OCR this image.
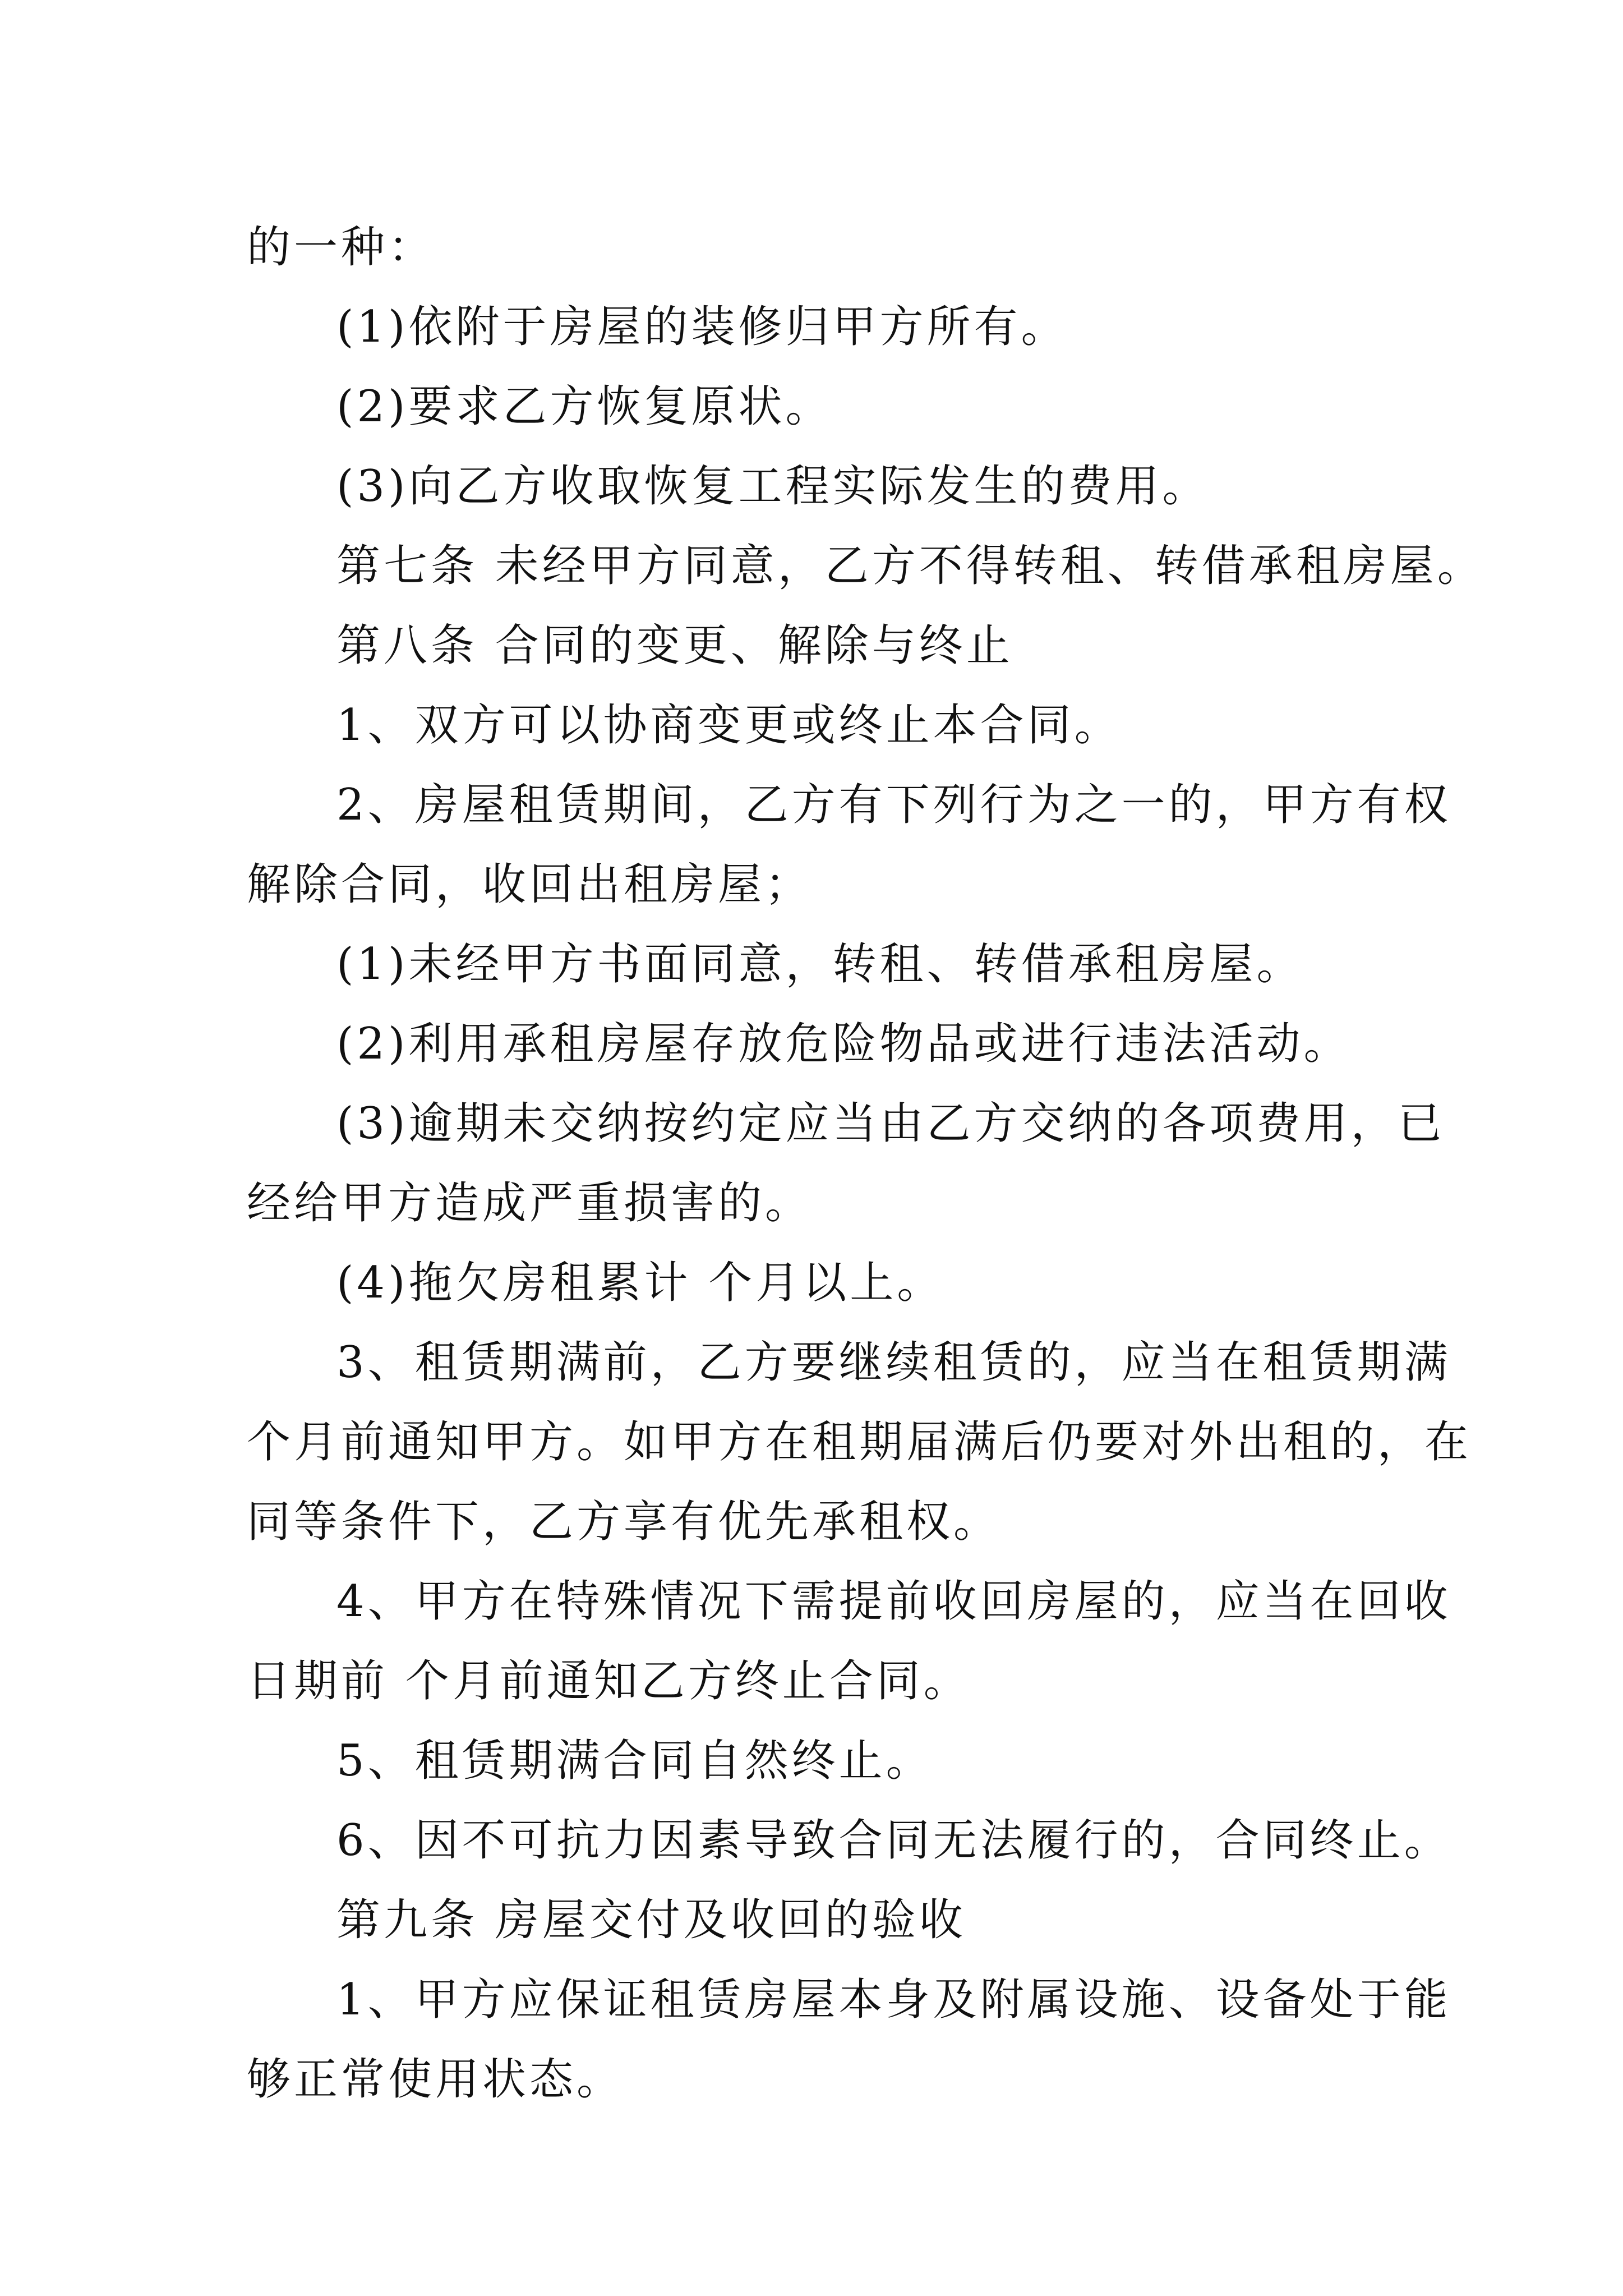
的一种：
(1)依附于房屋的装修归甲方所有。
(2)要求乙方恢复原状。
(3)向乙方收取恢复工程实际发生的费用。
第七条 未经甲方同意，乙方不得转租、转借承租房屋。
第八条 合同的变更、解除与终止
1、双方可以协商变更或终止本合同。
2、房屋租赁期间，乙方有下列行为之一的，甲方有权
解除合同，收回出租房屋；
(1)未经甲方书面同意，转租、转借承租房屋。
(2)利用承租房屋存放危险物品或进行违法活动。
(3)逾期未交纳按约定应当由乙方交纳的各项费用，已
经给甲方造成严重损害的。
(4)拖欠房租累计 个月以上。
3、租赁期满前，乙方要继续租赁的，应当在租赁期满
个月前通知甲方。如甲方在租期届满后仍要对外出租的，在
同等条件下，乙方享有优先承租权。
4、甲方在特殊情况下需提前收回房屋的，应当在回收
日期前 个月前通知乙方终止合同。
5、租赁期满合同自然终止。
6、因不可抗力因素导致合同无法履行的，合同终止。
第九条 房屋交付及收回的验收
1、甲方应保证租赁房屋本身及附属设施、设备处于能
够正常使用状态。
